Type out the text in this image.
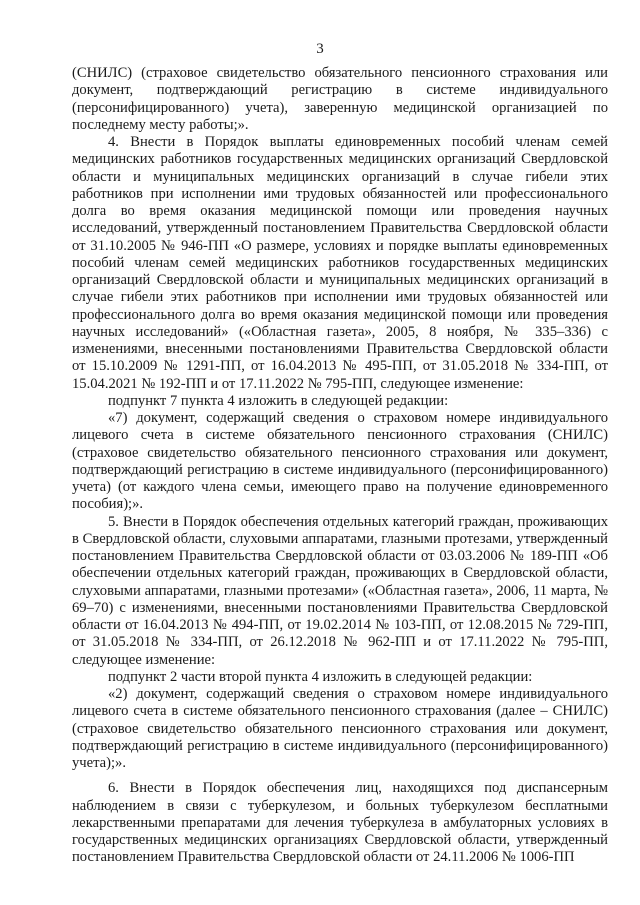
3

(СНИЛС) (страховое свидетельство обязательного пенсионного страхования или документ, подтверждающий регистрацию в системе индивидуального (персонифицированного) учета), заверенную медицинской организацией по последнему месту работы;».

4. Внести в Порядок выплаты единовременных пособий членам семей медицинских работников государственных медицинских организаций Свердловской области и муниципальных медицинских организаций в случае гибели этих работников при исполнении ими трудовых обязанностей или профессионального долга во время оказания медицинской помощи или проведения научных исследований, утвержденный постановлением Правительства Свердловской области от 31.10.2005 № 946-ПП «О размере, условиях и порядке выплаты единовременных пособий членам семей медицинских работников государственных медицинских организаций Свердловской области и муниципальных медицинских организаций в случае гибели этих работников при исполнении ими трудовых обязанностей или профессионального долга во время оказания медицинской помощи или проведения научных исследований» («Областная газета», 2005, 8 ноября, № 335–336) с изменениями, внесенными постановлениями Правительства Свердловской области от 15.10.2009 № 1291-ПП, от 16.04.2013 № 495-ПП, от 31.05.2018 № 334-ПП, от 15.04.2021 № 192-ПП и от 17.11.2022 № 795-ПП, следующее изменение:

подпункт 7 пункта 4 изложить в следующей редакции:

«7) документ, содержащий сведения о страховом номере индивидуального лицевого счета в системе обязательного пенсионного страхования (СНИЛС) (страховое свидетельство обязательного пенсионного страхования или документ, подтверждающий регистрацию в системе индивидуального (персонифицированного) учета) (от каждого члена семьи, имеющего право на получение единовременного пособия);».

5. Внести в Порядок обеспечения отдельных категорий граждан, проживающих в Свердловской области, слуховыми аппаратами, глазными протезами, утвержденный постановлением Правительства Свердловской области от 03.03.2006 № 189-ПП «Об обеспечении отдельных категорий граждан, проживающих в Свердловской области, слуховыми аппаратами, глазными протезами» («Областная газета», 2006, 11 марта, № 69–70) с изменениями, внесенными постановлениями Правительства Свердловской области от 16.04.2013 № 494-ПП, от 19.02.2014 № 103-ПП, от 12.08.2015 № 729-ПП, от 31.05.2018 № 334-ПП, от 26.12.2018 № 962-ПП и от 17.11.2022 № 795-ПП, следующее изменение:

подпункт 2 части второй пункта 4 изложить в следующей редакции:

«2) документ, содержащий сведения о страховом номере индивидуального лицевого счета в системе обязательного пенсионного страхования (далее – СНИЛС) (страховое свидетельство обязательного пенсионного страхования или документ, подтверждающий регистрацию в системе индивидуального (персонифицированного) учета);».

6. Внести в Порядок обеспечения лиц, находящихся под диспансерным наблюдением в связи с туберкулезом, и больных туберкулезом бесплатными лекарственными препаратами для лечения туберкулеза в амбулаторных условиях в государственных медицинских организациях Свердловской области, утвержденный постановлением Правительства Свердловской области от 24.11.2006 № 1006-ПП
